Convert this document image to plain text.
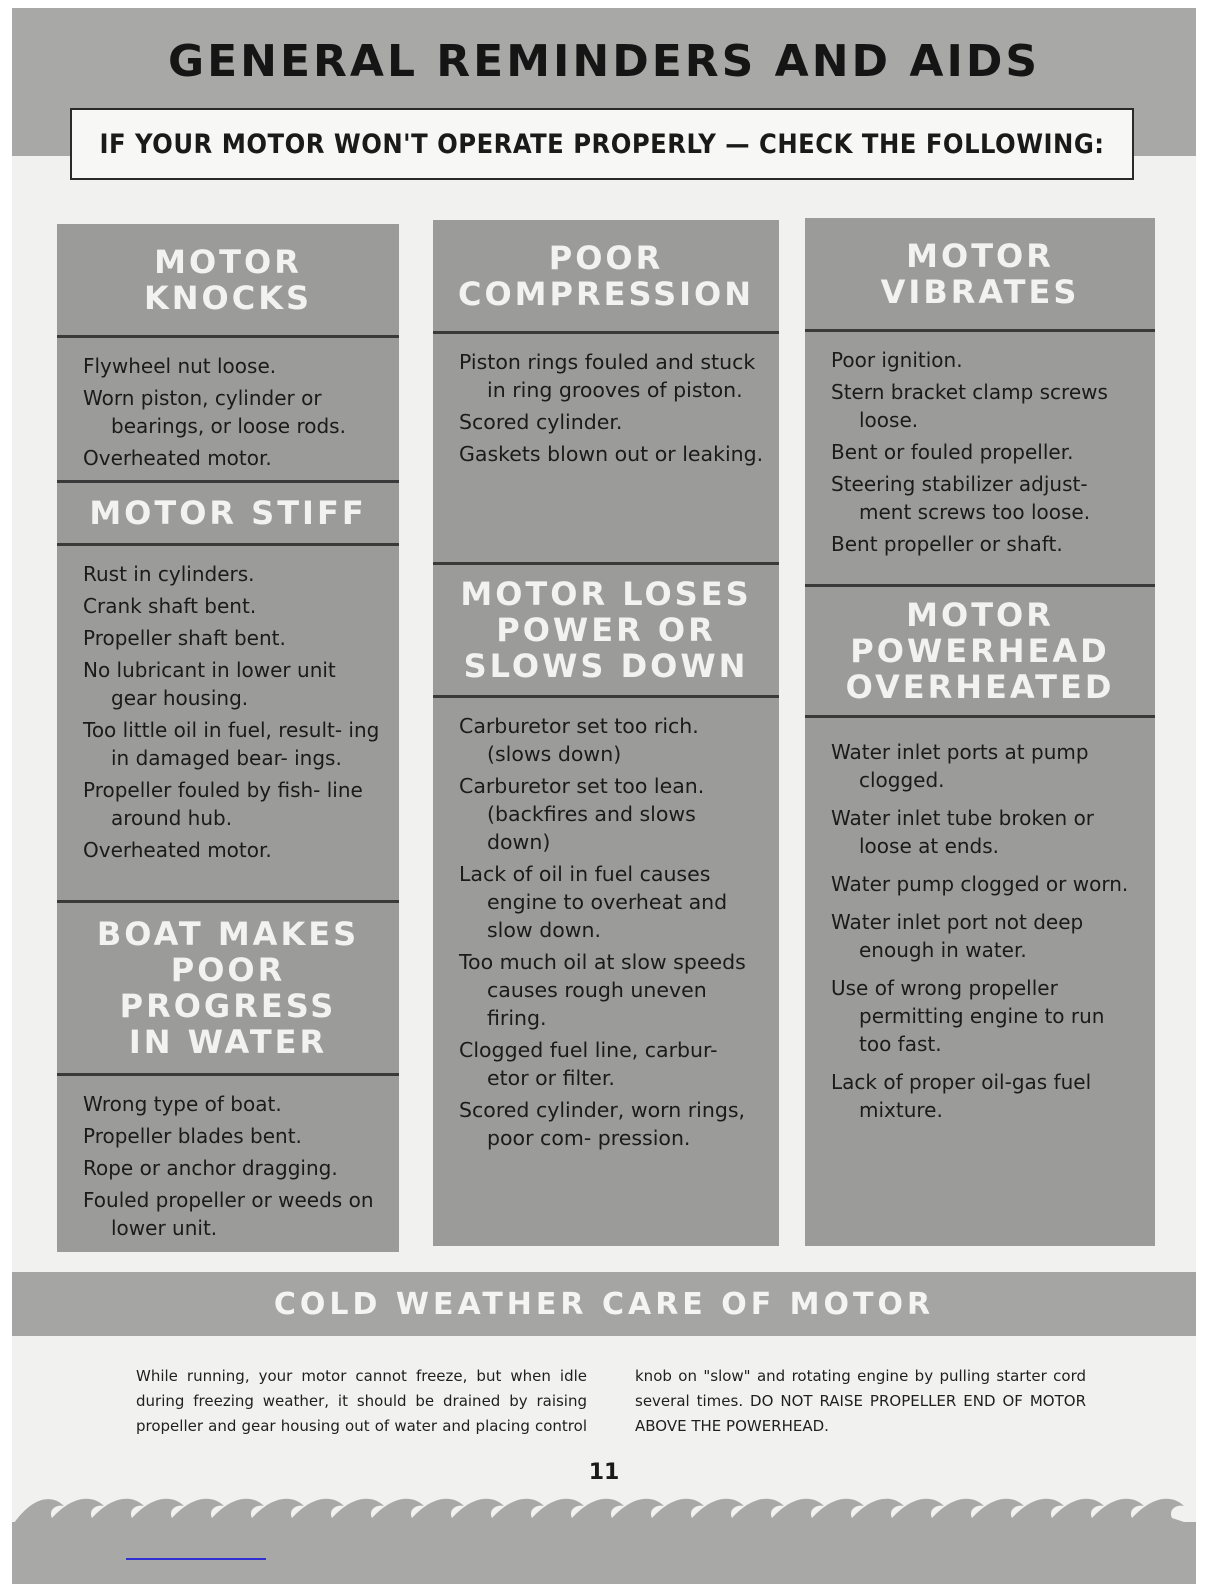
GENERAL REMINDERS AND AIDS
IF YOUR MOTOR WON'T OPERATE PROPERLY — CHECK THE FOLLOWING:
MOTOR
KNOCKS
Flywheel nut loose.
Worn piston, cylinder or bearings, or loose rods.
Overheated motor.
MOTOR STIFF
Rust in cylinders.
Crank shaft bent.
Propeller shaft bent.
No lubricant in lower unit gear housing.
Too little oil in fuel, result- ing in damaged bear- ings.
Propeller fouled by fish- line around hub.
Overheated motor.
BOAT MAKES
POOR
PROGRESS
IN WATER
Wrong type of boat.
Propeller blades bent.
Rope or anchor dragging.
Fouled propeller or weeds on lower unit.
POOR
COMPRESSION
Piston rings fouled and stuck in ring grooves of piston.
Scored cylinder.
Gaskets blown out or leaking.
MOTOR LOSES
POWER OR
SLOWS DOWN
Carburetor set too rich. (slows down)
Carburetor set too lean. (backfires and slows down)
Lack of oil in fuel causes engine to overheat and slow down.
Too much oil at slow speeds causes rough uneven firing.
Clogged fuel line, carbur- etor or filter.
Scored cylinder, worn rings, poor com- pression.
MOTOR
VIBRATES
Poor ignition.
Stern bracket clamp screws loose.
Bent or fouled propeller.
Steering stabilizer adjust- ment screws too loose.
Bent propeller or shaft.
MOTOR
POWERHEAD
OVERHEATED
Water inlet ports at pump clogged.
Water inlet tube broken or loose at ends.
Water pump clogged or worn.
Water inlet port not deep enough in water.
Use of wrong propeller permitting engine to run too fast.
Lack of proper oil-gas fuel mixture.
COLD WEATHER CARE OF MOTOR
While running, your motor cannot freeze, but when idle during freezing weather, it should be drained by raising propeller and gear housing out of water and placing control knob on "slow" and rotating engine by pulling starter cord several times. DO NOT RAISE PROPELLER END OF MOTOR ABOVE THE POWERHEAD.
11
